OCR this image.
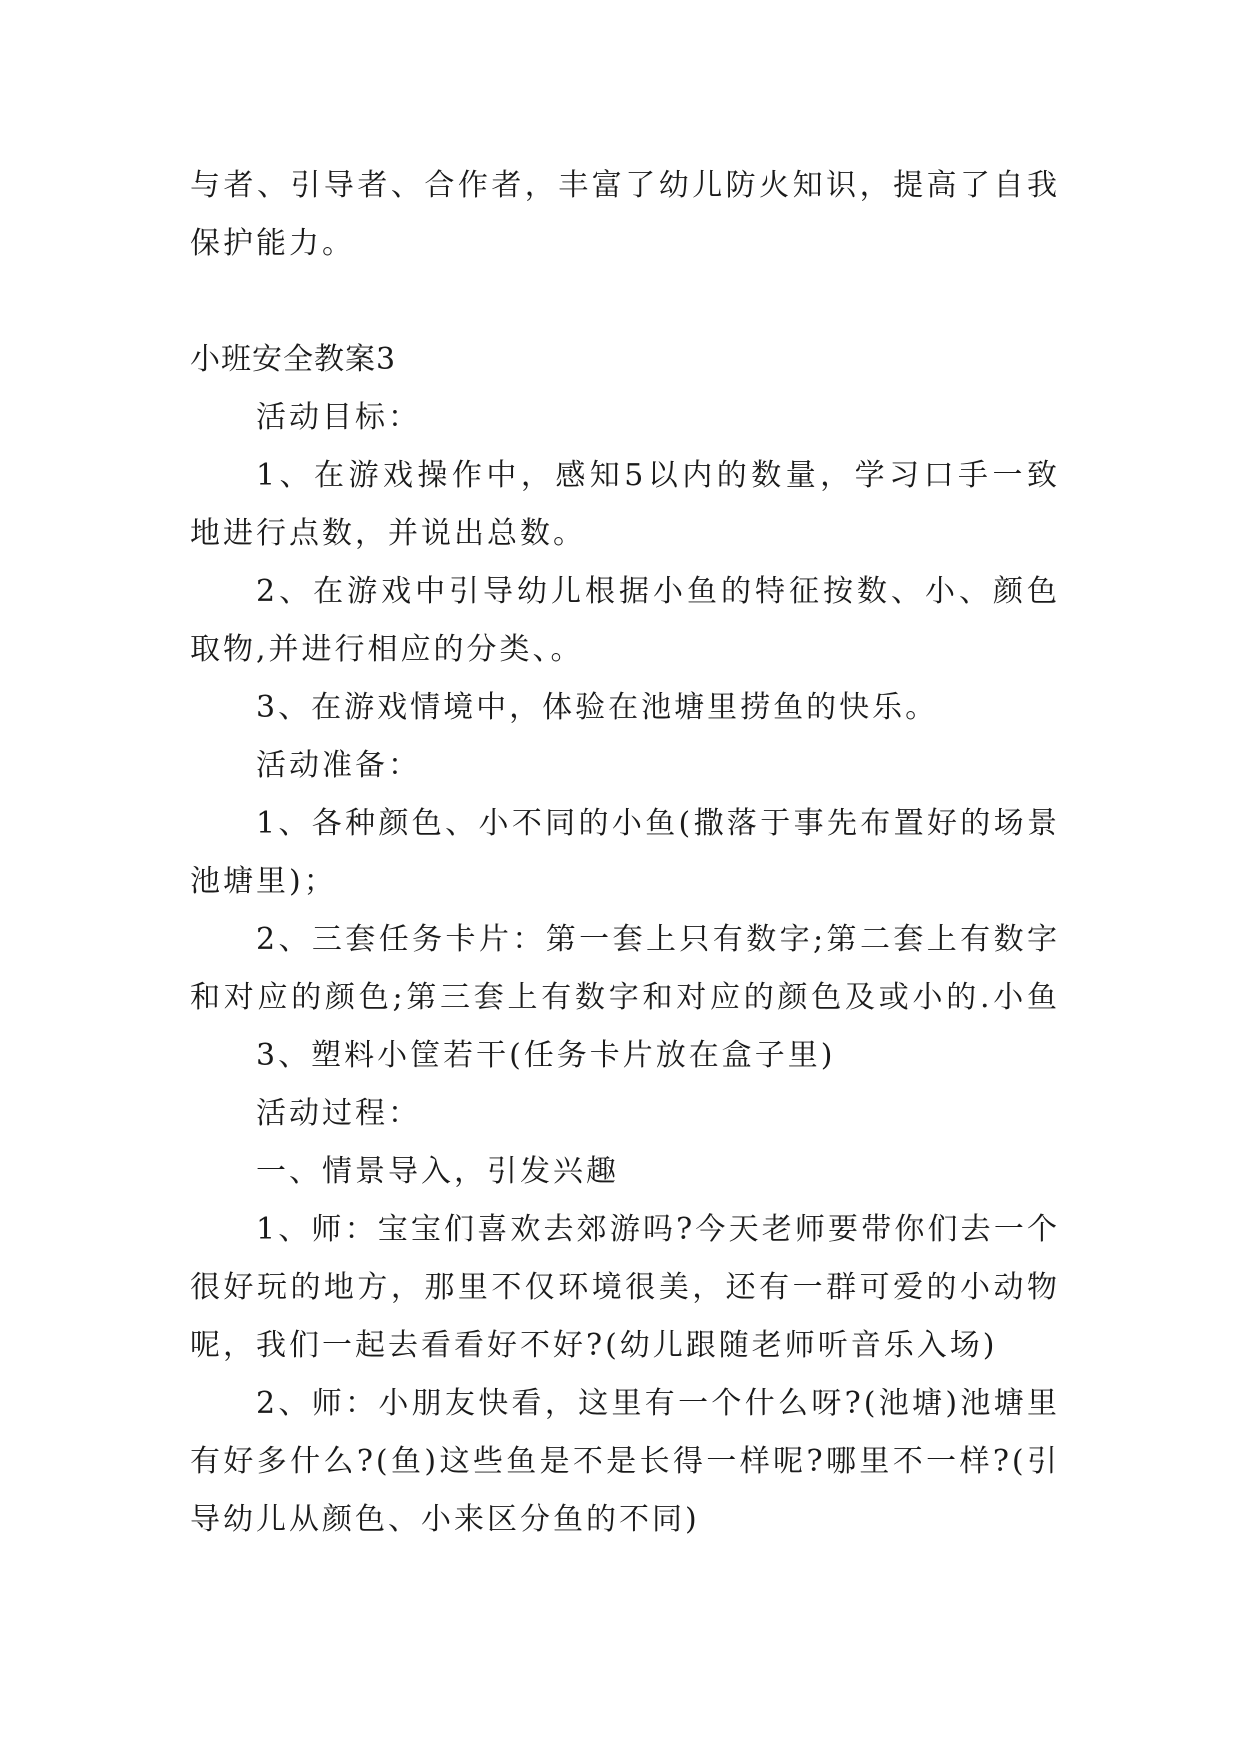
与者、引导者、合作者，丰富了幼儿防火知识，提高了自我
保护能力。
小班安全教案3
活动目标：
1、在游戏操作中，感知5以内的数量，学习口手一致
地进行点数，并说出总数。
2、在游戏中引导幼儿根据小鱼的特征按数、小、颜色
取物,并进行相应的分类、。
3、在游戏情境中，体验在池塘里捞鱼的快乐。
活动准备：
1、各种颜色、小不同的小鱼(撒落于事先布置好的场景
池塘里)；
2、三套任务卡片：第一套上只有数字;第二套上有数字
和对应的颜色;第三套上有数字和对应的颜色及或小的.小鱼
3、塑料小筐若干(任务卡片放在盒子里)
活动过程：
一、情景导入，引发兴趣
1、师：宝宝们喜欢去郊游吗?今天老师要带你们去一个
很好玩的地方，那里不仅环境很美，还有一群可爱的小动物
呢，我们一起去看看好不好?(幼儿跟随老师听音乐入场)
2、师：小朋友快看，这里有一个什么呀?(池塘)池塘里
有好多什么?(鱼)这些鱼是不是长得一样呢?哪里不一样?(引
导幼儿从颜色、小来区分鱼的不同)
